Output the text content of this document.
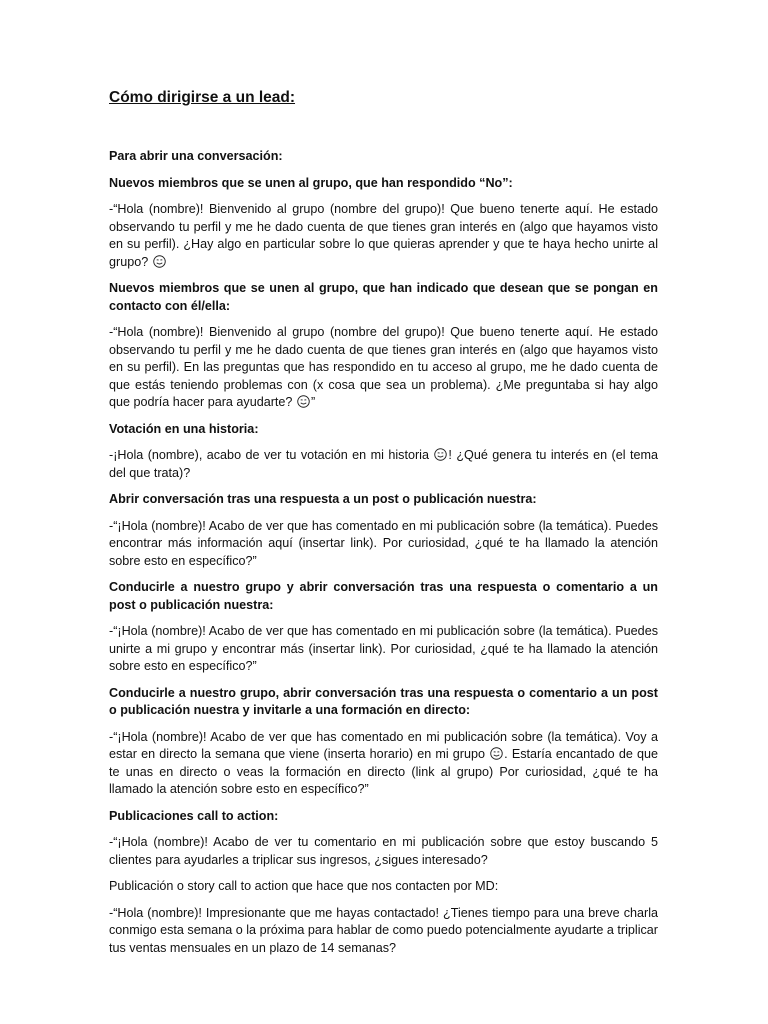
Cómo dirigirse a un lead:

Para abrir una conversación:

Nuevos miembros que se unen al grupo, que han respondido “No”:

-“Hola (nombre)! Bienvenido al grupo (nombre del grupo)! Que bueno tenerte aquí. He estado observando tu perfil y me he dado cuenta de que tienes gran interés en (algo que hayamos visto en su perfil). ¿Hay algo en particular sobre lo que quieras aprender y que te haya hecho unirte al grupo?

Nuevos miembros que se unen al grupo, que han indicado que desean que se pongan en contacto con él/ella:

-“Hola (nombre)! Bienvenido al grupo (nombre del grupo)! Que bueno tenerte aquí. He estado observando tu perfil y me he dado cuenta de que tienes gran interés en (algo que hayamos visto en su perfil). En las preguntas que has respondido en tu acceso al grupo, me he dado cuenta de que estás teniendo problemas con (x cosa que sea un problema). ¿Me preguntaba si hay algo que podría hacer para ayudarte? ”

Votación en una historia:

-¡Hola (nombre), acabo de ver tu votación en mi historia ! ¿Qué genera tu interés en (el tema del que trata)?

Abrir conversación tras una respuesta a un post o publicación nuestra:

-“¡Hola (nombre)! Acabo de ver que has comentado en mi publicación sobre (la temática). Puedes encontrar más información aquí (insertar link). Por curiosidad, ¿qué te ha llamado la atención sobre esto en específico?”

Conducirle a nuestro grupo y abrir conversación tras una respuesta o comentario a un post o publicación nuestra:

-“¡Hola (nombre)! Acabo de ver que has comentado en mi publicación sobre (la temática). Puedes unirte a mi grupo y encontrar más (insertar link). Por curiosidad, ¿qué te ha llamado la atención sobre esto en específico?”

Conducirle a nuestro grupo, abrir conversación tras una respuesta o comentario a un post o publicación nuestra y invitarle a una formación en directo:

-“¡Hola (nombre)! Acabo de ver que has comentado en mi publicación sobre (la temática). Voy a estar en directo la semana que viene (inserta horario) en mi grupo . Estaría encantado de que te unas en directo o veas la formación en directo (link al grupo) Por curiosidad, ¿qué te ha llamado la atención sobre esto en específico?”

Publicaciones call to action:

-“¡Hola (nombre)! Acabo de ver tu comentario en mi publicación sobre que estoy buscando 5 clientes para ayudarles a triplicar sus ingresos, ¿sigues interesado?

Publicación o story call to action que hace que nos contacten por MD:

-“Hola (nombre)! Impresionante que me hayas contactado! ¿Tienes tiempo para una breve charla conmigo esta semana o la próxima para hablar de como puedo potencialmente ayudarte a triplicar tus ventas mensuales en un plazo de 14 semanas?
